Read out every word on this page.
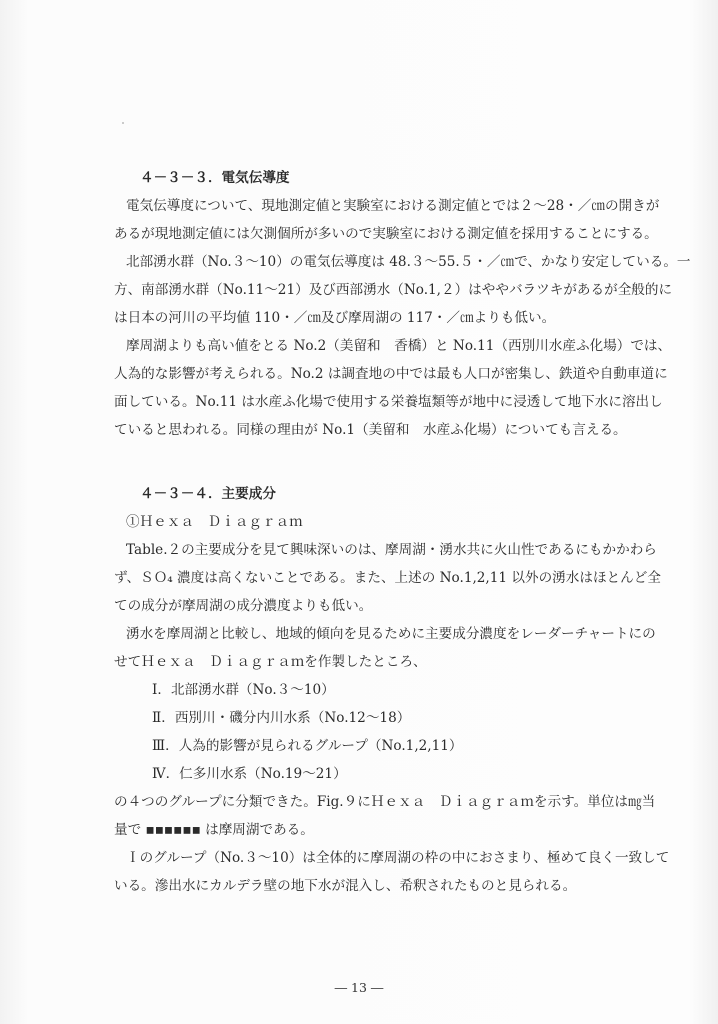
４－３－３．電気伝導度

電気伝導度について、現地測定値と実験室における測定値とでは２～28・／㎝の開きが

あるが現地測定値には欠測個所が多いので実験室における測定値を採用することにする。

北部湧水群（No.３～10）の電気伝導度は 48.３～55.５・／㎝で、かなり安定している。一

方、南部湧水群（No.11～21）及び西部湧水（No.1,２）はややバラツキがあるが全般的に

は日本の河川の平均値 110・／㎝及び摩周湖の 117・／㎝よりも低い。

摩周湖よりも高い値をとる No.2（美留和　香橋）と No.11（西別川水産ふ化場）では、

人為的な影響が考えられる。No.2 は調査地の中では最も人口が密集し、鉄道や自動車道に

面している。No.11 は水産ふ化場で使用する栄養塩類等が地中に浸透して地下水に溶出し

ていると思われる。同様の理由が No.1（美留和　水産ふ化場）についても言える。

４－３－４．主要成分

①Ｈｅｘａ　Ｄｉａｇｒａｍ

Table.２の主要成分を見て興味深いのは、摩周湖・湧水共に火山性であるにもかかわら

ず、ＳＯ₄ 濃度は高くないことである。また、上述の No.1,2,11 以外の湧水はほとんど全

ての成分が摩周湖の成分濃度よりも低い。

湧水を摩周湖と比較し、地域的傾向を見るために主要成分濃度をレーダーチャートにの

せてＨｅｘａ　Ｄｉａｇｒａｍを作製したところ、

Ⅰ．北部湧水群（No.３～10）

Ⅱ．西別川・磯分内川水系（No.12～18）

Ⅲ．人為的影響が見られるグループ（No.1,2,11）

Ⅳ．仁多川水系（No.19～21）

の４つのグループに分類できた。Fig.９にＨｅｘａ　Ｄｉａｇｒａｍを示す。単位は㎎当

量で ▪▪▪▪▪▪ は摩周湖である。

Ｉのグループ（No.３～10）は全体的に摩周湖の枠の中におさまり、極めて良く一致して

いる。滲出水にカルデラ壁の地下水が混入し、希釈されたものと見られる。

― 13 ―
